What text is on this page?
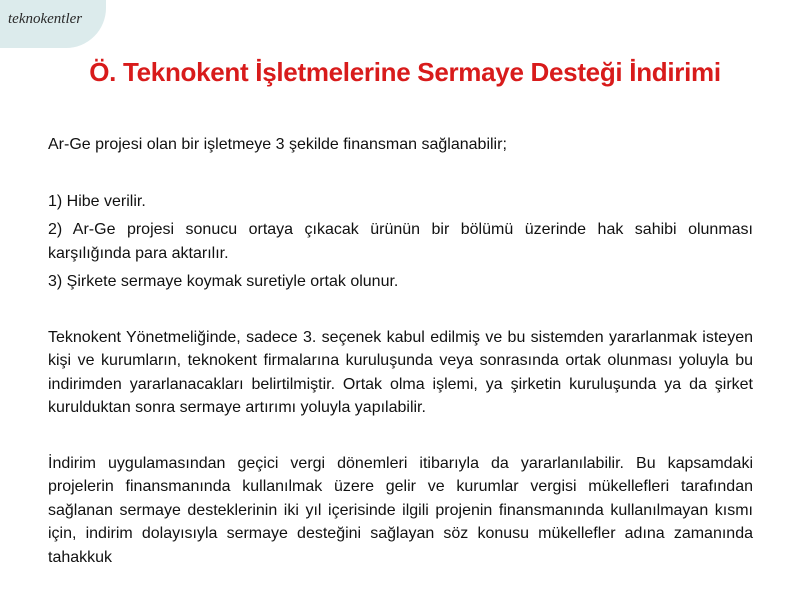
teknokentler
Ö. Teknokent İşletmelerine Sermaye Desteği İndirimi

Ar-Ge projesi olan bir işletmeye 3 şekilde finansman sağlanabilir;

1) Hibe verilir.

2) Ar-Ge projesi sonucu ortaya çıkacak ürünün bir bölümü üzerinde hak sahibi olunması karşılığında para aktarılır.

3) Şirkete sermaye koymak suretiyle ortak olunur.

Teknokent Yönetmeliğinde, sadece 3. seçenek kabul edilmiş ve bu sistemden yararlanmak isteyen kişi ve kurumların, teknokent firmalarına kuruluşunda veya sonrasında ortak olunması yoluyla bu indirimden yararlanacakları belirtilmiştir. Ortak olma işlemi, ya şirketin kuruluşunda ya da şirket kurulduktan sonra sermaye artırımı yoluyla yapılabilir.

İndirim uygulamasından geçici vergi dönemleri itibarıyla da yararlanılabilir. Bu kapsamdaki projelerin finansmanında kullanılmak üzere gelir ve kurumlar vergisi mükellefleri tarafından sağlanan sermaye desteklerinin iki yıl içerisinde ilgili projenin finansmanında kullanılmayan kısmı için, indirim dolayısıyla sermaye desteğini sağlayan söz konusu mükellefler adına zamanında tahakkuk
